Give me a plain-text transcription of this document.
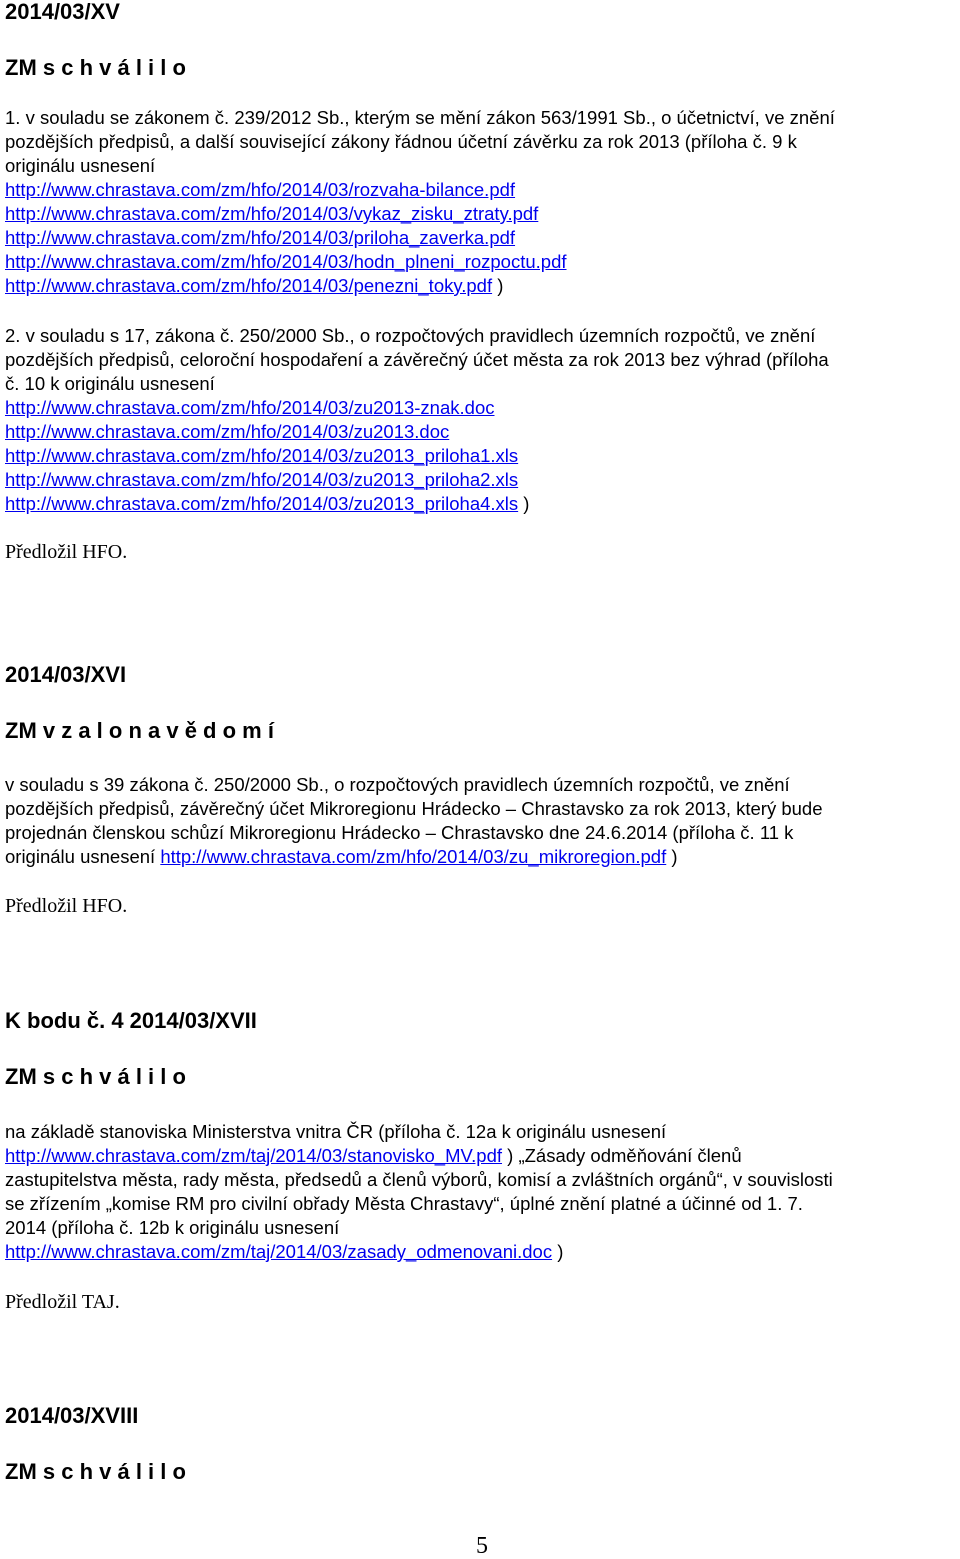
2014/03/XV
ZM s c h v á l i l o
1. v souladu se zákonem č. 239/2012 Sb., kterým se mění zákon 563/1991 Sb., o účetnictví, ve znění
pozdějších předpisů, a další související zákony řádnou účetní závěrku za rok 2013 (příloha č. 9 k
originálu usnesení
http://www.chrastava.com/zm/hfo/2014/03/rozvaha-bilance.pdf
http://www.chrastava.com/zm/hfo/2014/03/vykaz_zisku_ztraty.pdf
http://www.chrastava.com/zm/hfo/2014/03/priloha_zaverka.pdf
http://www.chrastava.com/zm/hfo/2014/03/hodn_plneni_rozpoctu.pdf
http://www.chrastava.com/zm/hfo/2014/03/penezni_toky.pdf )
2. v souladu s 17, zákona č. 250/2000 Sb., o rozpočtových pravidlech územních rozpočtů, ve znění
pozdějších předpisů, celoroční hospodaření a závěrečný účet města za rok 2013 bez výhrad (příloha
č. 10 k originálu usnesení
http://www.chrastava.com/zm/hfo/2014/03/zu2013-znak.doc
http://www.chrastava.com/zm/hfo/2014/03/zu2013.doc
http://www.chrastava.com/zm/hfo/2014/03/zu2013_priloha1.xls
http://www.chrastava.com/zm/hfo/2014/03/zu2013_priloha2.xls
http://www.chrastava.com/zm/hfo/2014/03/zu2013_priloha4.xls )
Předložil HFO.
2014/03/XVI
ZM v z a l o n a v ě d o m í
v souladu s 39 zákona č. 250/2000 Sb., o rozpočtových pravidlech územních rozpočtů, ve znění
pozdějších předpisů, závěrečný účet Mikroregionu Hrádecko – Chrastavsko za rok 2013, který bude
projednán členskou schůzí Mikroregionu Hrádecko – Chrastavsko dne 24.6.2014 (příloha č. 11 k
originálu usnesení http://www.chrastava.com/zm/hfo/2014/03/zu_mikroregion.pdf )
Předložil HFO.
K bodu č. 4 2014/03/XVII
ZM s c h v á l i l o
na základě stanoviska Ministerstva vnitra ČR (příloha č. 12a k originálu usnesení
http://www.chrastava.com/zm/taj/2014/03/stanovisko_MV.pdf ) „Zásady odměňování členů
zastupitelstva města, rady města, předsedů a členů výborů, komisí a zvláštních orgánů“, v souvislosti
se zřízením „komise RM pro civilní obřady Města Chrastavy“, úplné znění platné a účinné od 1. 7.
2014 (příloha č. 12b k originálu usnesení
http://www.chrastava.com/zm/taj/2014/03/zasady_odmenovani.doc )
Předložil TAJ.
2014/03/XVIII
ZM s c h v á l i l o
5
